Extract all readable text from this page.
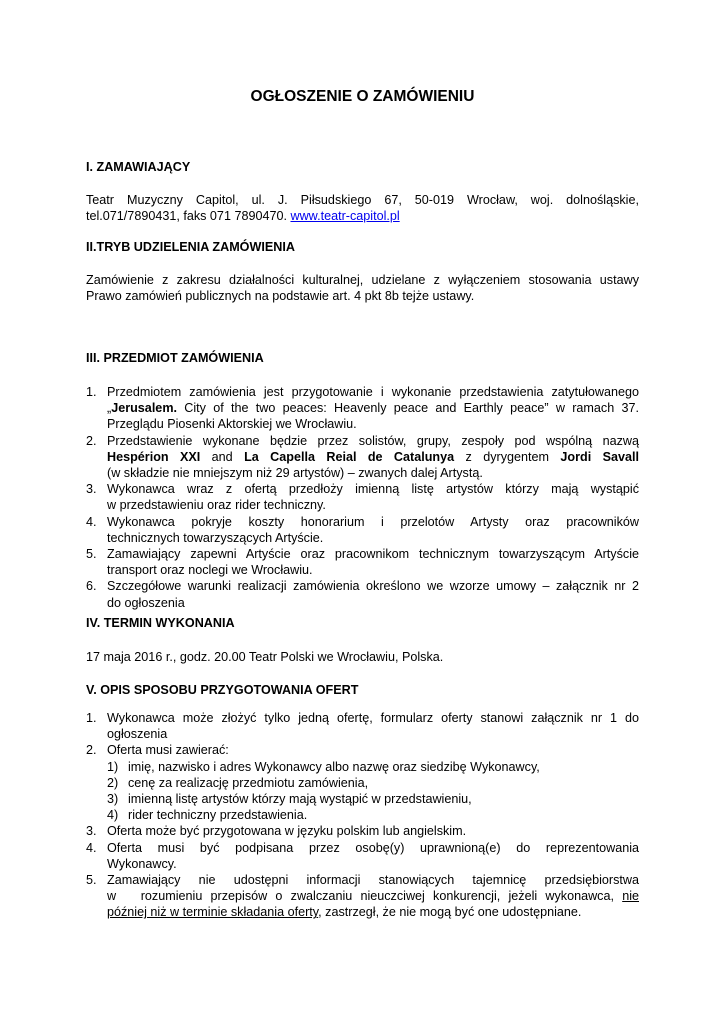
OGŁOSZENIE O ZAMÓWIENIU
I. ZAMAWIAJĄCY
Teatr Muzyczny Capitol, ul. J. Piłsudskiego 67, 50-019 Wrocław, woj. dolnośląskie,
tel.071/7890431, faks 071 7890470. www.teatr-capitol.pl
II.TRYB UDZIELENIA ZAMÓWIENIA
Zamówienie z zakresu działalności kulturalnej, udzielane z wyłączeniem stosowania ustawy
Prawo zamówień publicznych na podstawie art. 4 pkt 8b tejże ustawy.
III. PRZEDMIOT ZAMÓWIENIA
1. Przedmiotem zamówienia jest przygotowanie i wykonanie przedstawienia zatytułowanego
„Jerusalem. City of the two peaces: Heavenly peace and Earthly peace” w ramach 37.
Przeglądu Piosenki Aktorskiej we Wrocławiu.
2. Przedstawienie wykonane będzie przez solistów, grupy, zespoły pod wspólną nazwą
Hespérion XXI and La Capella Reial de Catalunya z dyrygentem Jordi Savall
(w składzie nie mniejszym niż 29 artystów) – zwanych dalej Artystą.
3. Wykonawca wraz z ofertą przedłoży imienną listę artystów którzy mają wystąpić
w przedstawieniu oraz rider techniczny.
4. Wykonawca pokryje koszty honorarium i przelotów Artysty oraz pracowników
technicznych towarzyszących Artyście.
5. Zamawiający zapewni Artyście oraz pracownikom technicznym towarzyszącym Artyście
transport oraz noclegi we Wrocławiu.
6. Szczegółowe warunki realizacji zamówienia określono we wzorze umowy – załącznik nr 2
do ogłoszenia
IV. TERMIN WYKONANIA
17 maja 2016 r., godz. 20.00 Teatr Polski we Wrocławiu, Polska.
V. OPIS SPOSOBU PRZYGOTOWANIA OFERT
1. Wykonawca może złożyć tylko jedną ofertę, formularz oferty stanowi załącznik nr 1 do
ogłoszenia
2. Oferta musi zawierać:
1) imię, nazwisko i adres Wykonawcy albo nazwę oraz siedzibę Wykonawcy,
2) cenę za realizację przedmiotu zamówienia,
3) imienną listę artystów którzy mają wystąpić w przedstawieniu,
4) rider techniczny przedstawienia.
3. Oferta może być przygotowana w języku polskim lub angielskim.
4. Oferta musi być podpisana przez osobę(y) uprawnioną(e) do reprezentowania
Wykonawcy.
5. Zamawiający nie udostępni informacji stanowiących tajemnicę przedsiębiorstwa
w   rozumieniu przepisów o zwalczaniu nieuczciwej konkurencji, jeżeli wykonawca, nie
później niż w terminie składania oferty, zastrzegł, że nie mogą być one udostępniane.
